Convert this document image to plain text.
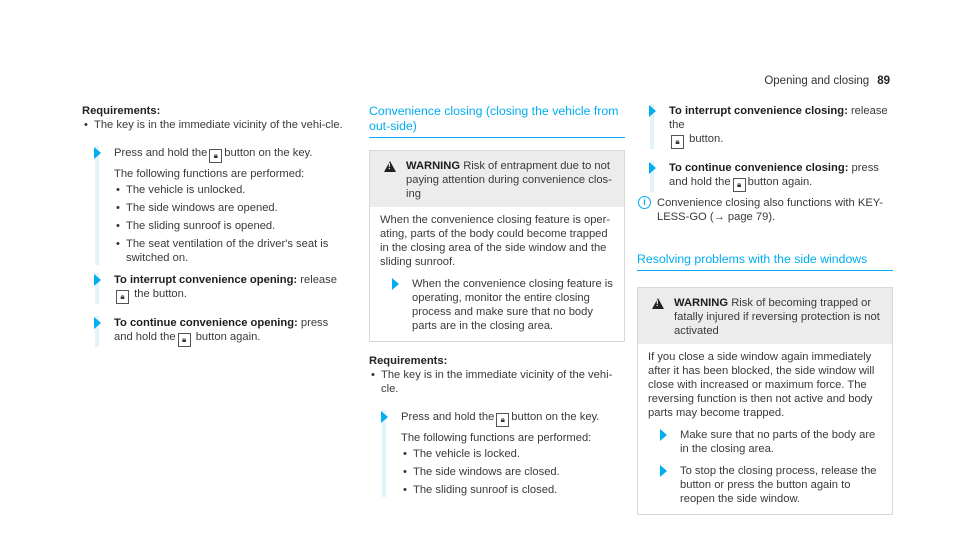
Opening and closing 89
Requirements:
• The key is in the immediate vicinity of the vehi-cle.
Press and hold the 🔒︎ button on the key.
The following functions are performed:
• The vehicle is unlocked.
• The side windows are opened.
• The sliding sunroof is opened.
• The seat ventilation of the driver's seat is switched on.
To interrupt convenience opening: release
🔒︎ the button.
To continue convenience opening: press and hold the 🔒︎ button again.
Convenience closing (closing the vehicle from out-side)
!
WARNING Risk of entrapment due to not paying attention during convenience clos-ing
When the convenience closing feature is oper-ating, parts of the body could become trapped in the closing area of the side window and the sliding sunroof.
When the convenience closing feature is operating, monitor the entire closing process and make sure that no body parts are in the closing area.
Requirements:
• The key is in the immediate vicinity of the vehi-cle.
Press and hold the 🔒︎ button on the key.
The following functions are performed:
• The vehicle is locked.
• The side windows are closed.
• The sliding sunroof is closed.
To interrupt convenience closing: release the
🔒︎ button.
To continue convenience closing: press and hold the 🔒︎ button again.
i	Convenience closing also functions with KEY-LESS-GO (→ page 79).
Resolving problems with the side windows
!
WARNING Risk of becoming trapped or fatally injured if reversing protection is not activated
If you close a side window again immediately after it has been blocked, the side window will close with increased or maximum force. The reversing function is then not active and body parts may become trapped.
Make sure that no parts of the body are in the closing area.
To stop the closing process, release the button or press the button again to reopen the side window.
